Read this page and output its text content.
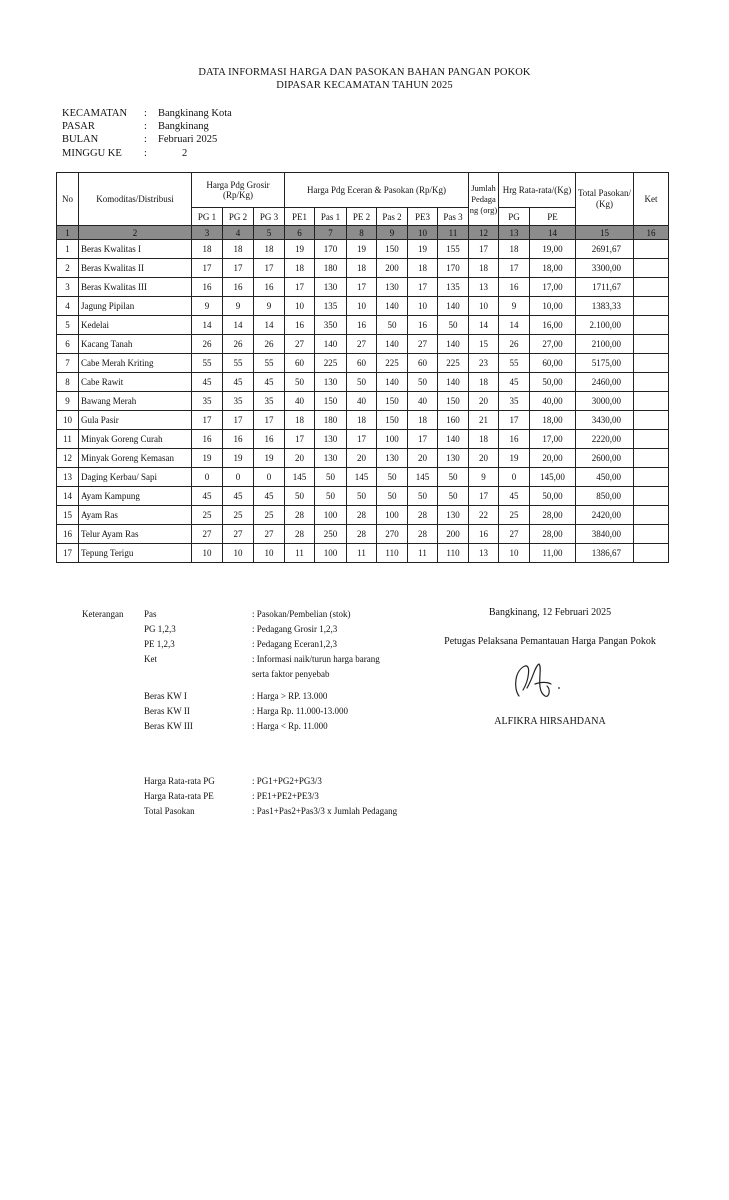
DATA INFORMASI HARGA DAN PASOKAN BAHAN PANGAN POKOK
DIPASAR KECAMATAN TAHUN 2025
KECAMATAN	:	Bangkinang Kota
PASAR	:	Bangkinang
BULAN	:	Februari 2025
MINGGU KE	:	2
No	Komoditas/Distribusi	Harga Pdg Grosir (Rp/Kg)			Harga Pdg Eceran & Pasokan (Rp/Kg)						Jumlah Pedaga ng (org)	Hrg Rata-rata/(Kg)		Total Pasokan/ (Kg)	Ket
		PG 1	PG 2	PG 3	PE1	Pas 1	PE 2	Pas 2	PE3	Pas 3		PG	PE		
1	2	3	4	5	6	7	8	9	10	11	12	13	14	15	16
1	Beras Kwalitas I	18	18	18	19	170	19	150	19	155	17	18	19,00	2691,67	
2	Beras Kwalitas II	17	17	17	18	180	18	200	18	170	18	17	18,00	3300,00	
3	Beras Kwalitas III	16	16	16	17	130	17	130	17	135	13	16	17,00	1711,67	
4	Jagung Pipilan	9	9	9	10	135	10	140	10	140	10	9	10,00	1383,33	
5	Kedelai	14	14	14	16	350	16	50	16	50	14	14	16,00	2.100,00	
6	Kacang Tanah	26	26	26	27	140	27	140	27	140	15	26	27,00	2100,00	
7	Cabe Merah Kriting	55	55	55	60	225	60	225	60	225	23	55	60,00	5175,00	
8	Cabe Rawit	45	45	45	50	130	50	140	50	140	18	45	50,00	2460,00	
9	Bawang Merah	35	35	35	40	150	40	150	40	150	20	35	40,00	3000,00	
10	Gula Pasir	17	17	17	18	180	18	150	18	160	21	17	18,00	3430,00	
11	Minyak Goreng Curah	16	16	16	17	130	17	100	17	140	18	16	17,00	2220,00	
12	Minyak Goreng Kemasan	19	19	19	20	130	20	130	20	130	20	19	20,00	2600,00	
13	Daging Kerbau/ Sapi	0	0	0	145	50	145	50	145	50	9	0	145,00	450,00	
14	Ayam Kampung	45	45	45	50	50	50	50	50	50	17	45	50,00	850,00	
15	Ayam Ras	25	25	25	28	100	28	100	28	130	22	25	28,00	2420,00	
16	Telur Ayam Ras	27	27	27	28	250	28	270	28	200	16	27	28,00	3840,00	
17	Tepung Terigu	10	10	10	11	100	11	110	11	110	13	10	11,00	1386,67	
Keterangan Pas	: Pasokan/Pembelian (stok)
PG 1,2,3	: Pedagang Grosir 1,2,3
PE 1,2,3	: Pedagang Eceran1,2,3
Ket	: Informasi naik/turun harga barang
serta faktor penyebab
Beras KW I	: Harga > RP. 13.000
Beras KW II	: Harga Rp. 11.000-13.000
Beras KW III	: Harga < Rp. 11.000
Harga Rata-rata PG	: PG1+PG2+PG3/3
Harga Rata-rata PE	: PE1+PE2+PE3/3
Total Pasokan	: Pas1+Pas2+Pas3/3 x Jumlah Pedagang
Bangkinang, 12 Februari 2025
Petugas Pelaksana Pemantauan Harga Pangan Pokok
ALFIKRA HIRSAHDANA
